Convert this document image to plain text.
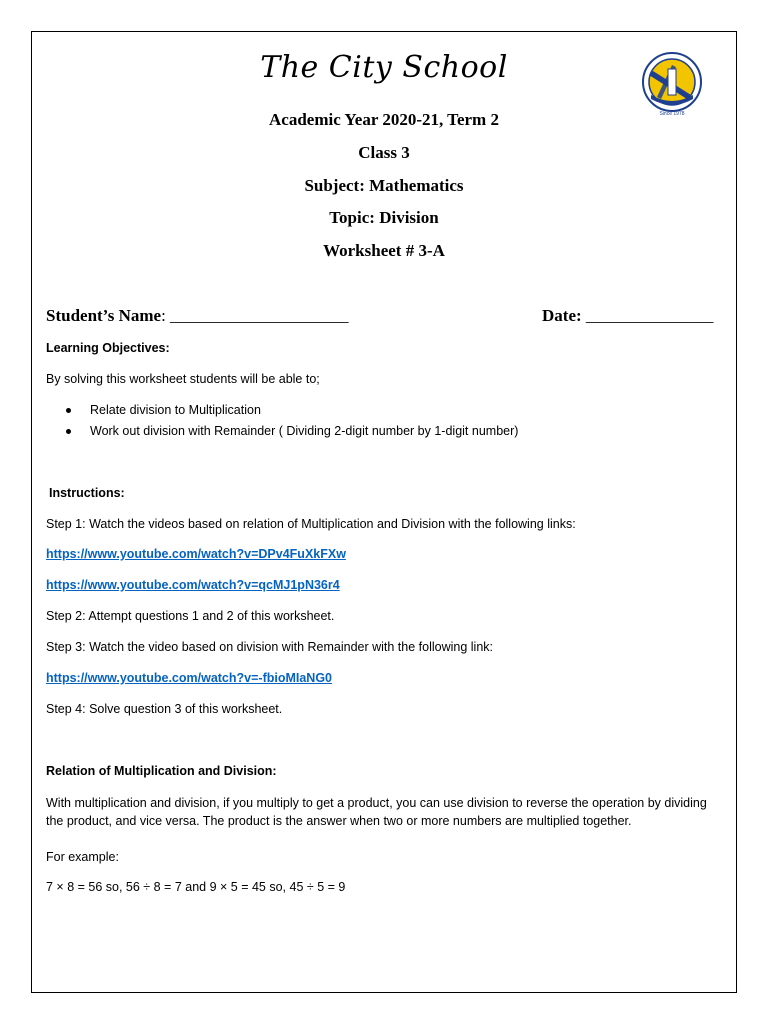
The City School
Since 1978
Academic Year 2020-21, Term 2
Class 3
Subject: Mathematics
Topic: Division
Worksheet # 3-A
Student’s Name: _____________________	Date: _______________
Learning Objectives:
By solving this worksheet students will be able to;
Relate division to Multiplication
Work out division with Remainder ( Dividing 2-digit number by 1-digit number)
Instructions:
Step 1: Watch the videos based on relation of Multiplication and Division with the following links:
https://www.youtube.com/watch?v=DPv4FuXkFXw
https://www.youtube.com/watch?v=qcMJ1pN36r4
Step 2: Attempt questions 1 and 2 of this worksheet.
Step 3: Watch the video based on division with Remainder with the following link:
https://www.youtube.com/watch?v=-fbioMIaNG0
Step 4: Solve question 3 of this worksheet.
Relation of Multiplication and Division:
With multiplication and division, if you multiply to get a product, you can use division to reverse the operation by dividing the product, and vice versa. The product is the answer when two or more numbers are multiplied together.
For example:
7 × 8 = 56 so, 56 ÷ 8 = 7 and 9 × 5 = 45 so, 45 ÷ 5 = 9
